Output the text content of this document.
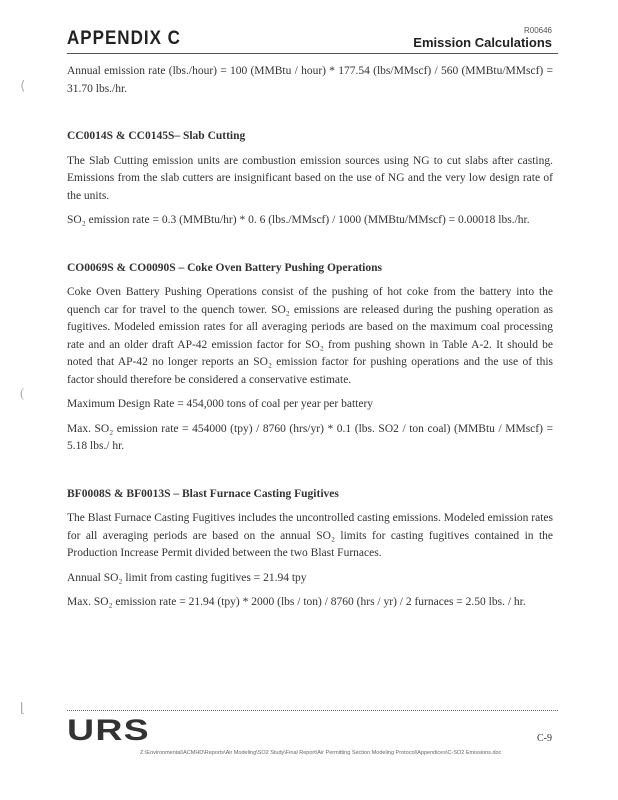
APPENDIX C	R00646
Emission Calculations
⟨
(
⌊

Annual emission rate (lbs./hour) = 100 (MMBtu / hour) * 177.54 (lbs/MMscf) / 560 (MMBtu/MMscf) = 31.70 lbs./hr.

CC0014S & CC0145S– Slab Cutting

The Slab Cutting emission units are combustion emission sources using NG to cut slabs after casting. Emissions from the slab cutters are insignificant based on the use of NG and the very low design rate of the units.

SO₂ emission rate = 0.3 (MMBtu/hr) * 0. 6 (lbs./MMscf) / 1000 (MMBtu/MMscf) = 0.00018 lbs./hr.

CO0069S & CO0090S – Coke Oven Battery Pushing Operations

Coke Oven Battery Pushing Operations consist of the pushing of hot coke from the battery into the quench car for travel to the quench tower. SO₂ emissions are released during the pushing operation as fugitives. Modeled emission rates for all averaging periods are based on the maximum coal processing rate and an older draft AP-42 emission factor for SO₂ from pushing shown in Table A-2. It should be noted that AP-42 no longer reports an SO₂ emission factor for pushing operations and the use of this factor should therefore be considered a conservative estimate.

Maximum Design Rate = 454,000 tons of coal per year per battery

Max. SO₂ emission rate = 454000 (tpy) / 8760 (hrs/yr) * 0.1 (lbs. SO2 / ton coal) (MMBtu / MMscf) = 5.18 lbs./ hr.

BF0008S & BF0013S – Blast Furnace Casting Fugitives

The Blast Furnace Casting Fugitives includes the uncontrolled casting emissions. Modeled emission rates for all averaging periods are based on the annual SO₂ limits for casting fugitives contained in the Production Increase Permit divided between the two Blast Furnaces.

Annual SO₂ limit from casting fugitives = 21.94 tpy

Max. SO₂ emission rate = 21.94 (tpy) * 2000 (lbs / ton) / 8760 (hrs / yr) / 2 furnaces = 2.50 lbs. / hr.

URS	C-9
Z:\Environmental\ACMHD\Reports\Air Modeling\SO2 Study\Final Report\Air Permitting Section Modeling Protocol\Appendices\C-SO2 Emissions.doc
